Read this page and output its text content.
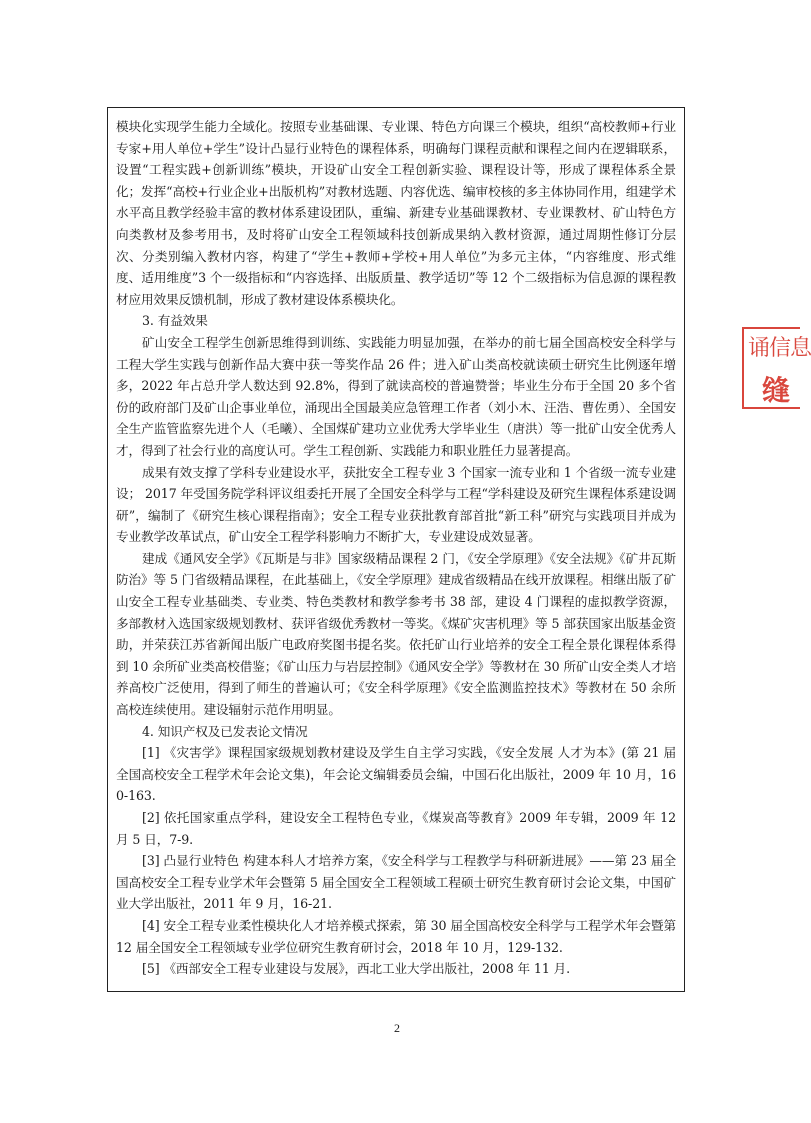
模块化实现学生能力全域化。按照专业基础课、专业课、特色方向课三个模块，组织“高校教师+行业专家+用人单位+学生”设计凸显行业特色的课程体系，明确每门课程贡献和课程之间内在逻辑联系，设置“工程实践+创新训练”模块，开设矿山安全工程创新实验、课程设计等，形成了课程体系全景化；发挥“高校+行业企业+出版机构”对教材选题、内容优选、编审校核的多主体协同作用，组建学术水平高且教学经验丰富的教材体系建设团队，重编、新建专业基础课教材、专业课教材、矿山特色方向类教材及参考用书，及时将矿山安全工程领域科技创新成果纳入教材资源，通过周期性修订分层次、分类别编入教材内容，构建了“学生+教师+学校+用人单位”为多元主体，“内容维度、形式维度、适用维度”3 个一级指标和“内容选择、出版质量、教学适切”等 12 个二级指标为信息源的课程教材应用效果反馈机制，形成了教材建设体系模块化。

3. 有益效果

矿山安全工程学生创新思维得到训练、实践能力明显加强，在举办的前七届全国高校安全科学与工程大学生实践与创新作品大赛中获一等奖作品 26 件；进入矿山类高校就读硕士研究生比例逐年增多，2022 年占总升学人数达到 92.8%，得到了就读高校的普遍赞誉；毕业生分布于全国 20 多个省份的政府部门及矿山企事业单位，涌现出全国最美应急管理工作者（刘小木、汪浩、曹佐勇）、全国安全生产监管监察先进个人（毛曦）、全国煤矿建功立业优秀大学毕业生（唐洪）等一批矿山安全优秀人才，得到了社会行业的高度认可。学生工程创新、实践能力和职业胜任力显著提高。

成果有效支撑了学科专业建设水平，获批安全工程专业 3 个国家一流专业和 1 个省级一流专业建设； 2017 年受国务院学科评议组委托开展了全国安全科学与工程“学科建设及研究生课程体系建设调研”，编制了《研究生核心课程指南》；安全工程专业获批教育部首批“新工科”研究与实践项目并成为专业教学改革试点，矿山安全工程学科影响力不断扩大，专业建设成效显著。

建成《通风安全学》《瓦斯是与非》国家级精品课程 2 门，《安全学原理》《安全法规》《矿井瓦斯防治》等 5 门省级精品课程，在此基础上，《安全学原理》建成省级精品在线开放课程。相继出版了矿山安全工程专业基础类、专业类、特色类教材和教学参考书 38 部，建设 4 门课程的虚拟教学资源，多部教材入选国家级规划教材、获评省级优秀教材一等奖。《煤矿灾害机理》等 5 部获国家出版基金资助，并荣获江苏省新闻出版广电政府奖图书提名奖。依托矿山行业培养的安全工程全景化课程体系得到 10 余所矿业类高校借鉴；《矿山压力与岩层控制》《通风安全学》等教材在 30 所矿山安全类人才培养高校广泛使用，得到了师生的普遍认可；《安全科学原理》《安全监测监控技术》等教材在 50 余所高校连续使用。建设辐射示范作用明显。

4. 知识产权及已发表论文情况

[1] 《灾害学》课程国家级规划教材建设及学生自主学习实践，《安全发展 人才为本》(第 21 届全国高校安全工程学术年会论文集)，年会论文编辑委员会编，中国石化出版社，2009 年 10 月，160-163.

[2] 依托国家重点学科，建设安全工程特色专业，《煤炭高等教育》2009 年专辑，2009 年 12 月 5 日，7-9.

[3] 凸显行业特色 构建本科人才培养方案，《安全科学与工程教学与科研新进展》——第 23 届全国高校安全工程专业学术年会暨第 5 届全国安全工程领域工程硕士研究生教育研讨会论文集，中国矿业大学出版社，2011 年 9 月，16-21.

[4] 安全工程专业柔性模块化人才培养模式探索，第 30 届全国高校安全科学与工程学术年会暨第 12 届全国安全工程领域专业学位研究生教育研讨会，2018 年 10 月，129-132.

[5] 《西部安全工程专业建设与发展》，西北工业大学出版社，2008 年 11 月.

诵信息
缝
2
